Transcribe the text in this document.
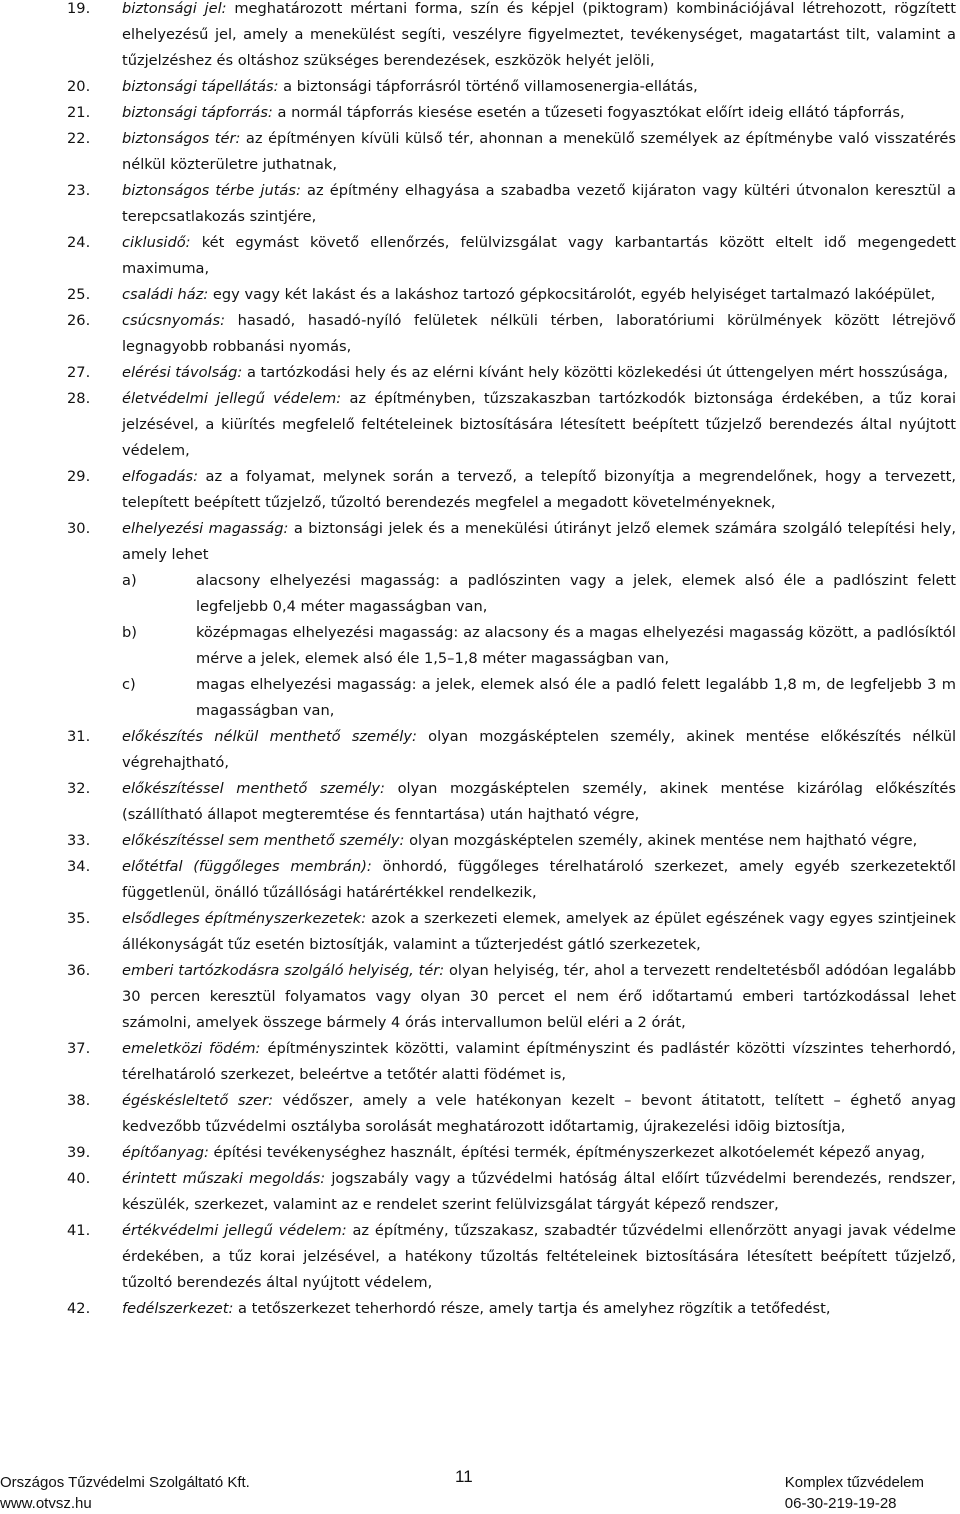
19. biztonsági jel: meghatározott mértani forma, szín és képjel (piktogram) kombinációjával létrehozott, rögzített elhelyezésű jel, amely a menekülést segíti, veszélyre figyelmeztet, tevékenységet, magatartást tilt, valamint a tűzjelzéshez és oltáshoz szükséges berendezések, eszközök helyét jelöli,
20. biztonsági tápellátás: a biztonsági tápforrásról történő villamosenergia-ellátás,
21. biztonsági tápforrás: a normál tápforrás kiesése esetén a tűzeseti fogyasztókat előírt ideig ellátó tápforrás,
22. biztonságos tér: az építményen kívüli külső tér, ahonnan a menekülő személyek az építménybe való visszatérés nélkül közterületre juthatnak,
23. biztonságos térbe jutás: az építmény elhagyása a szabadba vezető kijáraton vagy kültéri útvonalon keresztül a terepcsatlakozás szintjére,
24. ciklusidő: két egymást követő ellenőrzés, felülvizsgálat vagy karbantartás között eltelt idő megengedett maximuma,
25. családi ház: egy vagy két lakást és a lakáshoz tartozó gépkocsitárolót, egyéb helyiséget tartalmazó lakóépület,
26. csúcsnyomás: hasadó, hasadó-nyíló felületek nélküli térben, laboratóriumi körülmények között létrejövő legnagyobb robbanási nyomás,
27. elérési távolság: a tartózkodási hely és az elérni kívánt hely közötti közlekedési út úttengelyen mért hosszúsága,
28. életvédelmi jellegű védelem: az építményben, tűzszakaszban tartózkodók biztonsága érdekében, a tűz korai jelzésével, a kiürítés megfelelő feltételeinek biztosítására létesített beépített tűzjelző berendezés által nyújtott védelem,
29. elfogadás: az a folyamat, melynek során a tervező, a telepítő bizonyítja a megrendelőnek, hogy a tervezett, telepített beépített tűzjelző, tűzoltó berendezés megfelel a megadott követelményeknek,
30. elhelyezési magasság: a biztonsági jelek és a menekülési útirányt jelző elemek számára szolgáló telepítési hely, amely lehet
a)	alacsony elhelyezési magasság: a padlószinten vagy a jelek, elemek alsó éle a padlószint felett legfeljebb 0,4 méter magasságban van,
b)	középmagas elhelyezési magasság: az alacsony és a magas elhelyezési magasság között, a padlósíktól mérve a jelek, elemek alsó éle 1,5–1,8 méter magasságban van,
c)	magas elhelyezési magasság: a jelek, elemek alsó éle a padló felett legalább 1,8 m, de legfeljebb 3 m magasságban van,
31. előkészítés nélkül menthető személy: olyan mozgásképtelen személy, akinek mentése előkészítés nélkül végrehajtható,
32. előkészítéssel menthető személy: olyan mozgásképtelen személy, akinek mentése kizárólag előkészítés (szállítható állapot megteremtése és fenntartása) után hajtható végre,
33. előkészítéssel sem menthető személy: olyan mozgásképtelen személy, akinek mentése nem hajtható végre,
34. előtétfal (függőleges membrán): önhordó, függőleges térelhatároló szerkezet, amely egyéb szerkezetektől függetlenül, önálló tűzállósági határértékkel rendelkezik,
35. elsődleges építményszerkezetek: azok a szerkezeti elemek, amelyek az épület egészének vagy egyes szintjeinek állékonyságát tűz esetén biztosítják, valamint a tűzterjedést gátló szerkezetek,
36. emberi tartózkodásra szolgáló helyiség, tér: olyan helyiség, tér, ahol a tervezett rendeltetésből adódóan legalább 30 percen keresztül folyamatos vagy olyan 30 percet el nem érő időtartamú emberi tartózkodással lehet számolni, amelyek összege bármely 4 órás intervallumon belül eléri a 2 órát,
37. emeletközi födém: építményszintek közötti, valamint építményszint és padlástér közötti vízszintes teherhordó, térelhatároló szerkezet, beleértve a tetőtér alatti födémet is,
38. égéskésleltető szer: védőszer, amely a vele hatékonyan kezelt – bevont átitatott, telített – éghető anyag kedvezőbb tűzvédelmi osztályba sorolását meghatározott időtartamig, újrakezelési idõig biztosítja,
39. építőanyag: építési tevékenységhez használt, építési termék, építményszerkezet alkotóelemét képező anyag,
40. érintett műszaki megoldás: jogszabály vagy a tűzvédelmi hatóság által előírt tűzvédelmi berendezés, rendszer, készülék, szerkezet, valamint az e rendelet szerint felülvizsgálat tárgyát képező rendszer,
41. értékvédelmi jellegű védelem: az építmény, tűzszakasz, szabadtér tűzvédelmi ellenőrzött anyagi javak védelme érdekében, a tűz korai jelzésével, a hatékony tűzoltás feltételeinek biztosítására létesített beépített tűzjelző, tűzoltó berendezés által nyújtott védelem,
42. fedélszerkezet: a tetőszerkezet teherhordó része, amely tartja és amelyhez rögzítik a tetőfedést,
Országos Tűzvédelmi Szolgáltató Kft.
www.otvsz.hu
11	Komplex tűzvédelem
06-30-219-19-28
